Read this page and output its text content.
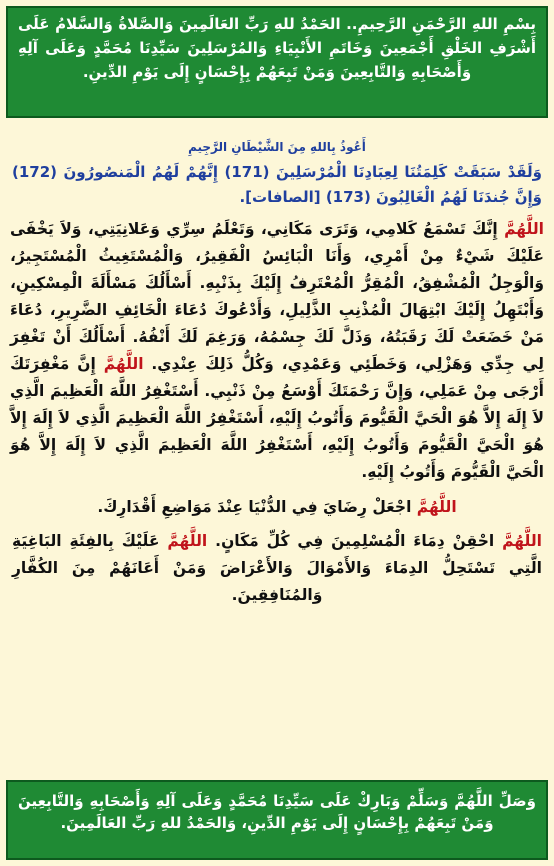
بِسْمِ اللهِ الرَّحْمَنِ الرَّحِيمِ.. الحَمْدُ للهِ رَبِّ العَالَمِينَ وَالصَّلاةُ وَالسَّلامُ عَلَى أَشْرَفِ الخَلْقِ أَجْمَعِينَ وَخَاتَمِ الأَنْبِيَاءِ وَالمُرْسَلِينَ سَيِّدِنَا مُحَمَّدٍ وَعَلَى آلِهِ وَأَصْحَابِهِ وَالتَّابِعِينَ وَمَنْ تَبِعَهُمْ بِإِحْسَانٍ إِلَى يَوْمِ الدِّينِ.
أَعُوذُ بِاللهِ مِنَ الشَّيْطَانِ الرَّجِيمِ
وَلَقَدْ سَبَقَتْ كَلِمَتُنَا لِعِبَادِنَا الْمُرْسَلِينَ (171) إِنَّهُمْ لَهُمُ الْمَنصُورُونَ (172) وَإِنَّ جُندَنَا لَهُمُ الْغَالِبُونَ (173) [الصافات].
اللَّهُمَّ إِنَّكَ تَسْمَعُ كَلامِي، وَتَرَى مَكَانِي، وَتَعْلَمُ سِرِّي وَعَلانِيَتِي، وَلاَ يَخْفَى عَلَيْكَ شَيْءٌ مِنْ أَمْرِي، وَأَنَا الْبَائِسُ الْفَقِيرُ، وَالْمُسْتَغِيثُ الْمُسْتَجِيرُ، وَالْوَجِلُ الْمُشْفِقُ، الْمُقِرُّ الْمُعْتَرِفُ إِلَيْكَ بِذَنْبِهِ. أَسْأَلُكَ مَسْأَلَةَ الْمِسْكِينِ، وَأَبْتَهِلُ إِلَيْكَ ابْتِهَالَ الْمُذْنِبِ الذَّلِيلِ، وَأَدْعُوكَ دُعَاءَ الْخَائِفِ الضَّرِيرِ، دُعَاءَ مَنْ خَضَعَتْ لَكَ رَقَبَتُهُ، وَذَلَّ لَكَ جِسْمُهُ، وَرَغِمَ لَكَ أَنْفُهُ. أَسْأَلُكَ أَنْ تَغْفِرَ لِي جِدِّي وَهَزْلِي، وَخَطَئِي وَعَمْدِي، وَكُلُّ ذَلِكَ عِنْدِي. اللَّهُمَّ إِنَّ مَغْفِرَتَكَ أَرْجَى مِنْ عَمَلِي، وَإِنَّ رَحْمَتَكَ أَوْسَعُ مِنْ ذَنْبِي. أَسْتَغْفِرُ اللَّهَ الْعَظِيمَ الَّذِي لاَ إِلَهَ إِلاَّ هُوَ الْحَيَّ الْقَيُّومَ وَأَتُوبُ إِلَيْهِ، أَسْتَغْفِرُ اللَّهَ الْعَظِيمَ الَّذِي لاَ إِلَهَ إِلاَّ هُوَ الْحَيَّ الْقَيُّومَ وَأَتُوبُ إِلَيْهِ، أَسْتَغْفِرُ اللَّهَ الْعَظِيمَ الَّذِي لاَ إِلَهَ إِلاَّ هُوَ الْحَيَّ الْقَيُّومَ وَأَتُوبُ إِلَيْهِ.
اللَّهُمَّ اجْعَلْ رِضَايَ فِي الدُّنْيَا عِنْدَ مَوَاضِعِ أَقْدَارِكَ.
اللَّهُمَّ احْقِنْ دِمَاءَ الْمُسْلِمِينَ فِي كُلِّ مَكَانٍ. اللَّهُمَّ عَلَيْكَ بِالفِئَةِ البَاغِيَةِ الَّتِي تَسْتَحِلُّ الدِمَاءَ وَالأَمْوَالَ وَالأَعْرَاضَ وَمَنْ أَعَانَهُمْ مِنَ الكُفَّارِ وَالمُنَافِقِينَ.
وَصَلِّ اللَّهُمَّ وَسَلِّمْ وَبَارِكْ عَلَى سَيِّدِنَا مُحَمَّدٍ وَعَلَى آلِهِ وَأَصْحَابِهِ وَالتَّابِعِينَ وَمَنْ تَبِعَهُمْ بِإِحْسَانٍ إِلَى يَوْمِ الدِّينِ، وَالحَمْدُ للهِ رَبِّ العَالَمِينَ.
